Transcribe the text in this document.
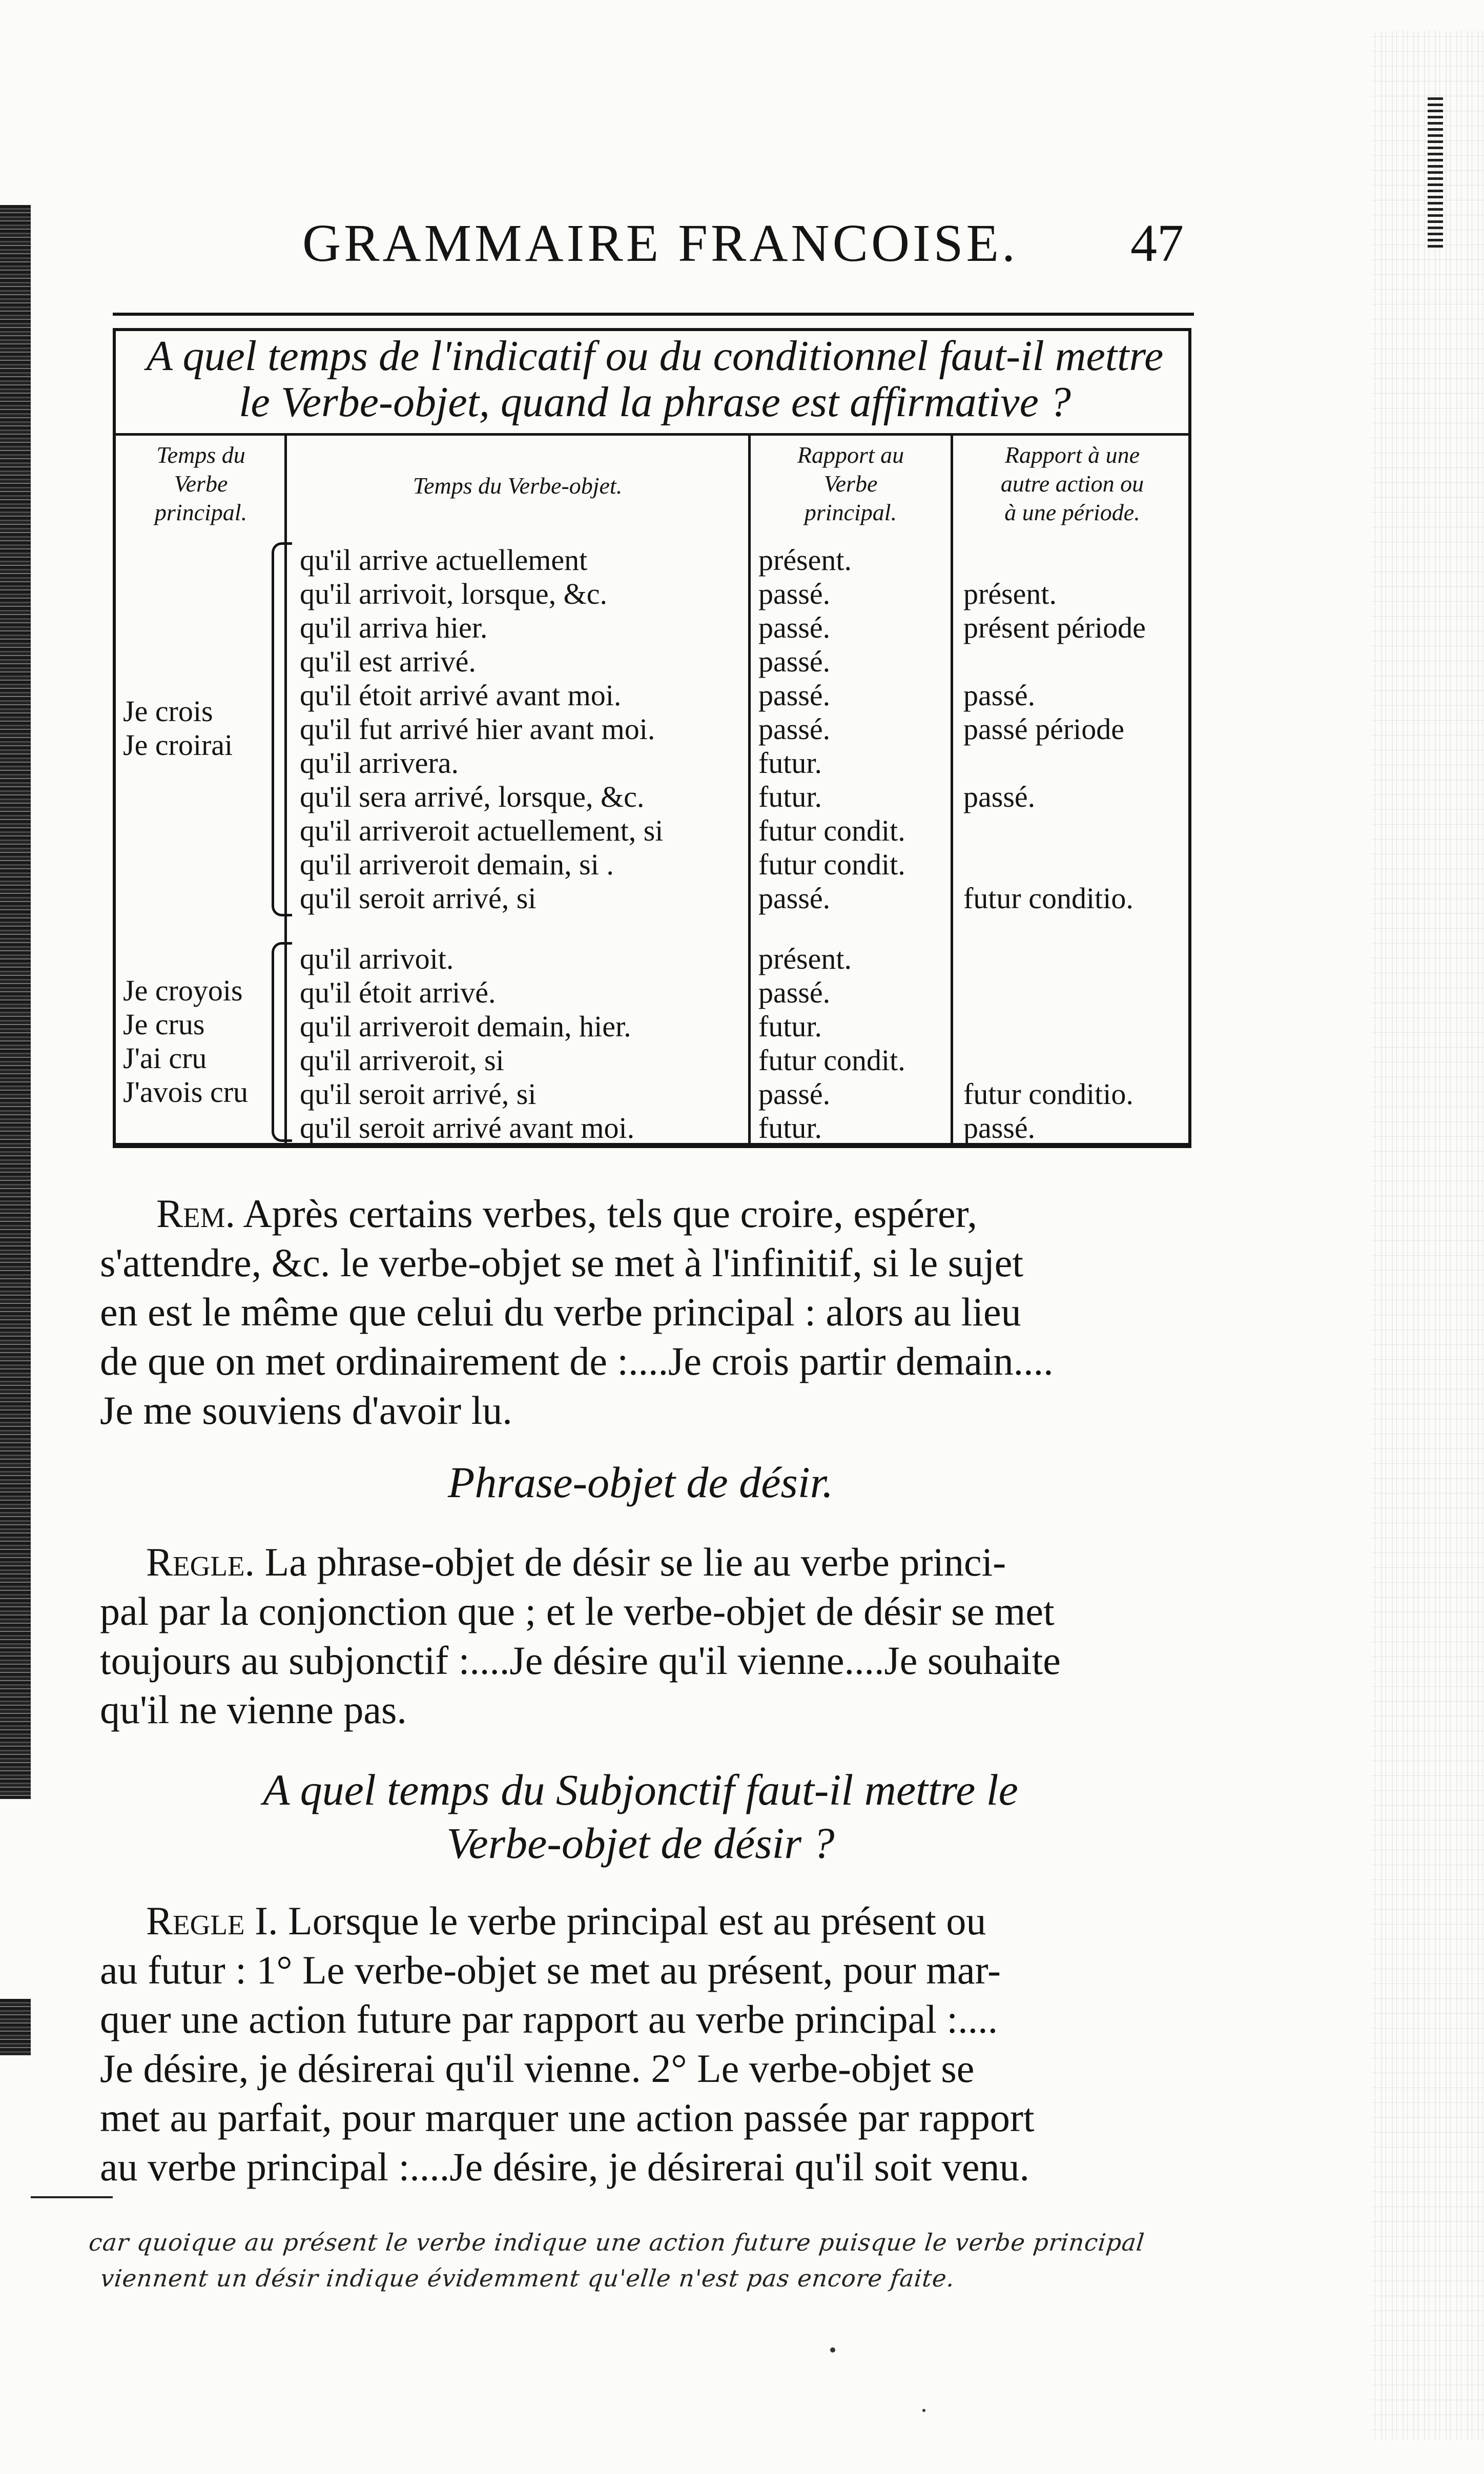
GRAMMAIRE FRANCOISE. 47
A quel temps de l'indicatif ou du conditionnel faut-il mettre
le Verbe-objet, quand la phrase est affirmative ?
Temps du
Verbe
principal.
Temps du Verbe-objet.
Rapport au
Verbe
principal.
Rapport à une
autre action ou
à une période.
Je crois
Je croirai
qu'il arrive actuellement
qu'il arrivoit, lorsque, &c.
qu'il arriva hier.
qu'il est arrivé.
qu'il étoit arrivé avant moi.
qu'il fut arrivé hier avant moi.
qu'il arrivera.
qu'il sera arrivé, lorsque, &c.
qu'il arriveroit actuellement, si
qu'il arriveroit demain, si .
qu'il seroit arrivé, si
présent.
passé.
passé.
passé.
passé.
passé.
futur.
futur.
futur condit.
futur condit.
passé.
présent.
présent période
passé.
passé période
passé.
futur conditio.
Je croyois
Je crus
J'ai cru
J'avois cru
qu'il arrivoit.
qu'il étoit arrivé.
qu'il arriveroit demain, hier.
qu'il arriveroit, si
qu'il seroit arrivé, si
qu'il seroit arrivé avant moi.
présent.
passé.
futur.
futur condit.
passé.
futur.
futur conditio.
passé.
Rem. Après certains verbes, tels que croire, espérer,
s'attendre, &c. le verbe-objet se met à l'infinitif, si le sujet
en est le même que celui du verbe principal : alors au lieu
de que on met ordinairement de :....Je crois partir demain....
Je me souviens d'avoir lu.
Phrase-objet de désir.
Regle. La phrase-objet de désir se lie au verbe princi-
pal par la conjonction que ; et le verbe-objet de désir se met
toujours au subjonctif :....Je désire qu'il vienne....Je souhaite
qu'il ne vienne pas.
A quel temps du Subjonctif faut-il mettre le
Verbe-objet de désir ?
Regle I. Lorsque le verbe principal est au présent ou
au futur : 1° Le verbe-objet se met au présent, pour mar-
quer une action future par rapport au verbe principal :....
Je désire, je désirerai qu'il vienne. 2° Le verbe-objet se
met au parfait, pour marquer une action passée par rapport
au verbe principal :....Je désire, je désirerai qu'il soit venu.
car quoique au présent le verbe indique une action future puisque le verbe principal
viennent un désir indique évidemment qu'elle n'est pas encore faite.
